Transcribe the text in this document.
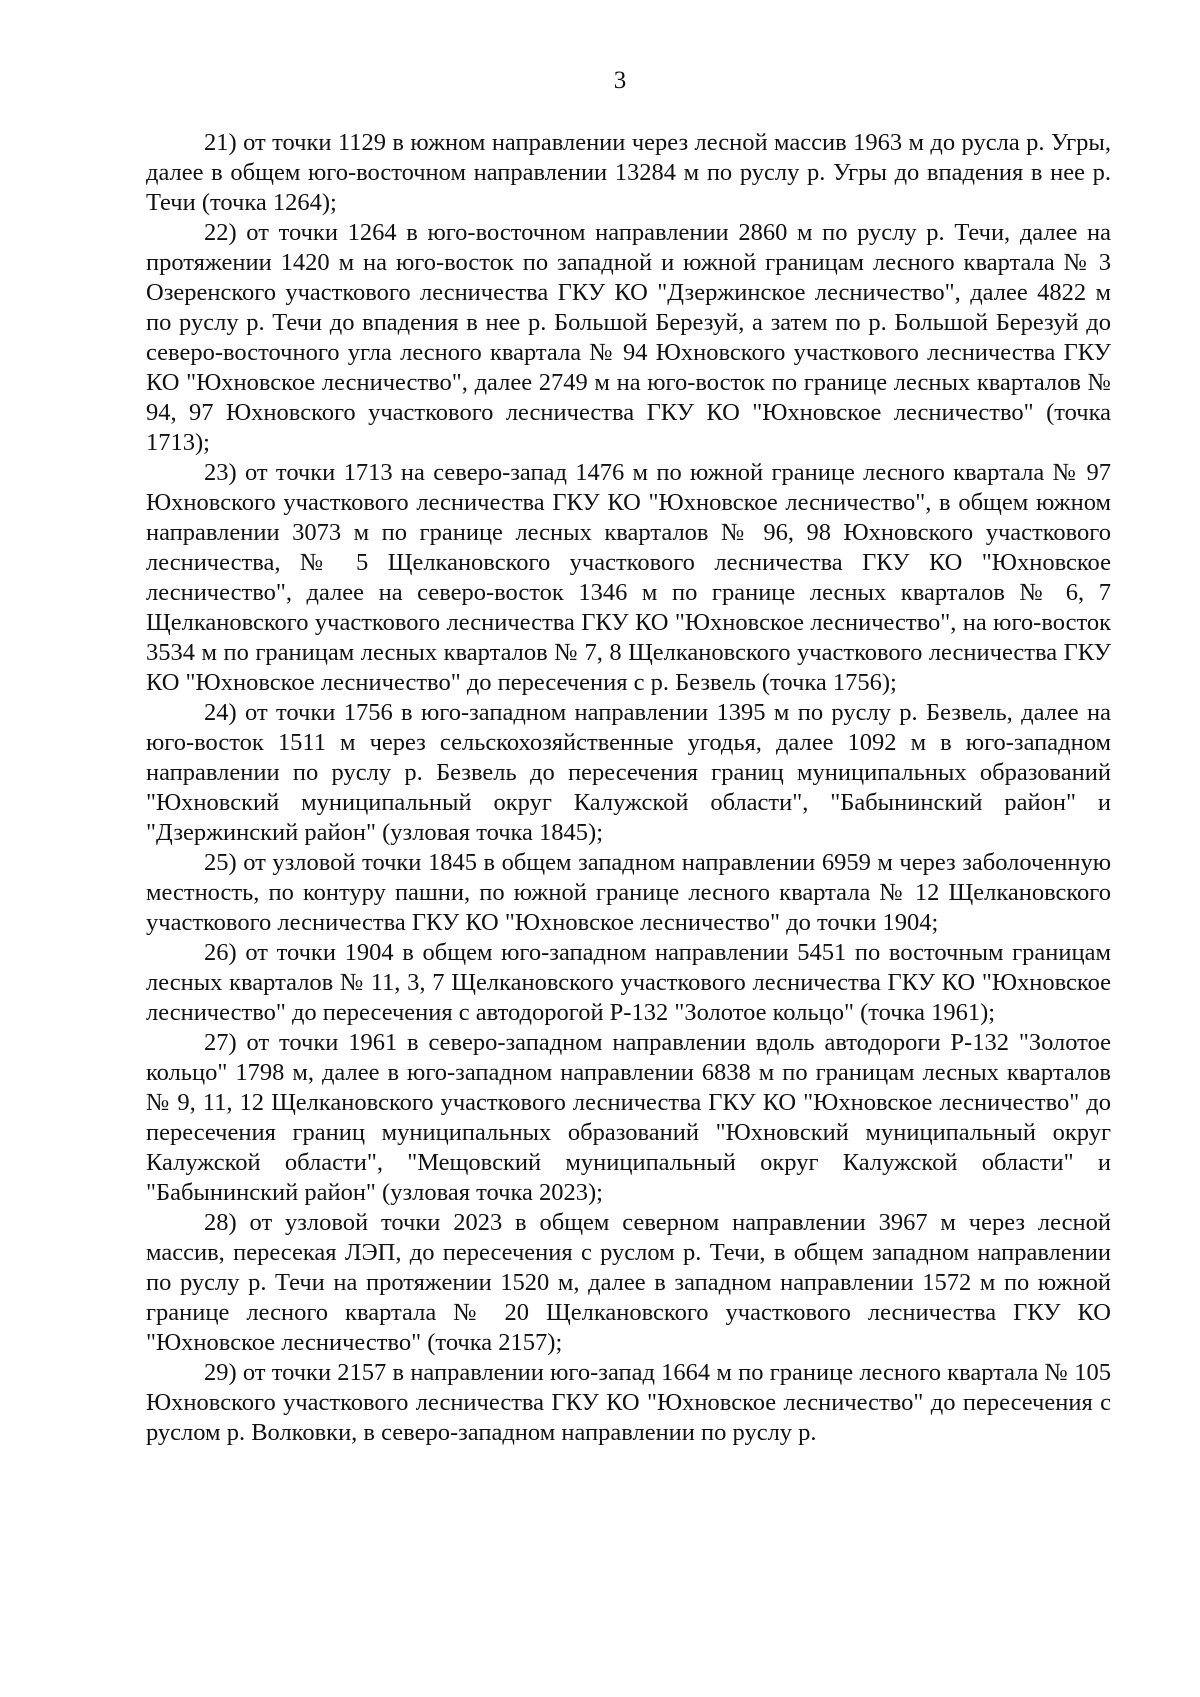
3

21) от точки 1129 в южном направлении через лесной массив 1963 м до русла р. Угры, далее в общем юго-восточном направлении 13284 м по руслу р. Угры до впадения в нее р. Течи (точка 1264);

22) от точки 1264 в юго-восточном направлении 2860 м по руслу р. Течи, далее на протяжении 1420 м на юго-восток по западной и южной границам лесного квартала № 3 Озеренского участкового лесничества ГКУ КО "Дзержинское лесничество", далее 4822 м по руслу р. Течи до впадения в нее р. Большой Березуй, а затем по р. Большой Березуй до северо-восточного угла лесного квартала № 94 Юхновского участкового лесничества ГКУ КО "Юхновское лесничество", далее 2749 м на юго-восток по границе лесных кварталов № 94, 97 Юхновского участкового лесничества ГКУ КО "Юхновское лесничество" (точка 1713);

23) от точки 1713 на северо-запад 1476 м по южной границе лесного квартала № 97 Юхновского участкового лесничества ГКУ КО "Юхновское лесничество", в общем южном направлении 3073 м по границе лесных кварталов № 96, 98 Юхновского участкового лесничества, № 5 Щелкановского участкового лесничества ГКУ КО "Юхновское лесничество", далее на северо-восток 1346 м по границе лесных кварталов № 6, 7 Щелкановского участкового лесничества ГКУ КО "Юхновское лесничество", на юго-восток 3534 м по границам лесных кварталов № 7, 8 Щелкановского участкового лесничества ГКУ КО "Юхновское лесничество" до пересечения с р. Безвель (точка 1756);

24) от точки 1756 в юго-западном направлении 1395 м по руслу р. Безвель, далее на юго-восток 1511 м через сельскохозяйственные угодья, далее 1092 м в юго-западном направлении по руслу р. Безвель до пересечения границ муниципальных образований "Юхновский муниципальный округ Калужской области", "Бабынинский район" и "Дзержинский район" (узловая точка 1845);

25) от узловой точки 1845 в общем западном направлении 6959 м через заболоченную местность, по контуру пашни, по южной границе лесного квартала № 12 Щелкановского участкового лесничества ГКУ КО "Юхновское лесничество" до точки 1904;

26) от точки 1904 в общем юго-западном направлении 5451 по восточным границам лесных кварталов № 11, 3, 7 Щелкановского участкового лесничества ГКУ КО "Юхновское лесничество" до пересечения с автодорогой Р-132 "Золотое кольцо" (точка 1961);

27) от точки 1961 в северо-западном направлении вдоль автодороги Р-132 "Золотое кольцо" 1798 м, далее в юго-западном направлении 6838 м по границам лесных кварталов № 9, 11, 12 Щелкановского участкового лесничества ГКУ КО "Юхновское лесничество" до пересечения границ муниципальных образований "Юхновский муниципальный округ Калужской области", "Мещовский муниципальный округ Калужской области" и "Бабынинский район" (узловая точка 2023);

28) от узловой точки 2023 в общем северном направлении 3967 м через лесной массив, пересекая ЛЭП, до пересечения с руслом р. Течи, в общем западном направлении по руслу р. Течи на протяжении 1520 м, далее в западном направлении 1572 м по южной границе лесного квартала № 20 Щелкановского участкового лесничества ГКУ КО "Юхновское лесничество" (точка 2157);

29) от точки 2157 в направлении юго-запад 1664 м по границе лесного квартала № 105 Юхновского участкового лесничества ГКУ КО "Юхновское лесничество" до пересечения с руслом р. Волковки, в северо-западном направлении по руслу р.
